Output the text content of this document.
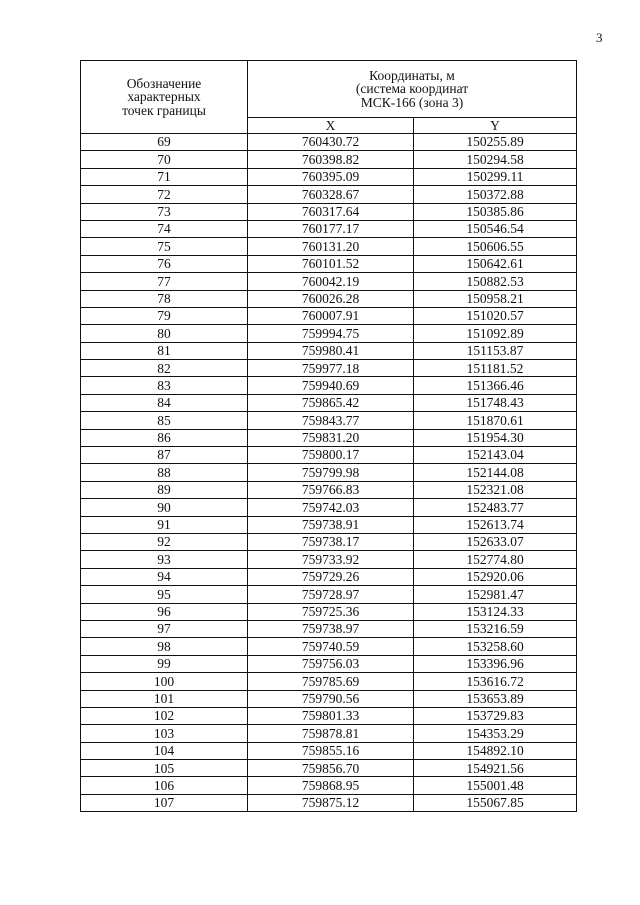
3
Обозначение
характерных
точек границы	Координаты, м
(система координат
МСК-166 (зона 3)	

	X	Y
69	760430.72	150255.89
70	760398.82	150294.58
71	760395.09	150299.11
72	760328.67	150372.88
73	760317.64	150385.86
74	760177.17	150546.54
75	760131.20	150606.55
76	760101.52	150642.61
77	760042.19	150882.53
78	760026.28	150958.21
79	760007.91	151020.57
80	759994.75	151092.89
81	759980.41	151153.87
82	759977.18	151181.52
83	759940.69	151366.46
84	759865.42	151748.43
85	759843.77	151870.61
86	759831.20	151954.30
87	759800.17	152143.04
88	759799.98	152144.08
89	759766.83	152321.08
90	759742.03	152483.77
91	759738.91	152613.74
92	759738.17	152633.07
93	759733.92	152774.80
94	759729.26	152920.06
95	759728.97	152981.47
96	759725.36	153124.33
97	759738.97	153216.59
98	759740.59	153258.60
99	759756.03	153396.96
100	759785.69	153616.72
101	759790.56	153653.89
102	759801.33	153729.83
103	759878.81	154353.29
104	759855.16	154892.10
105	759856.70	154921.56
106	759868.95	155001.48
107	759875.12	155067.85
